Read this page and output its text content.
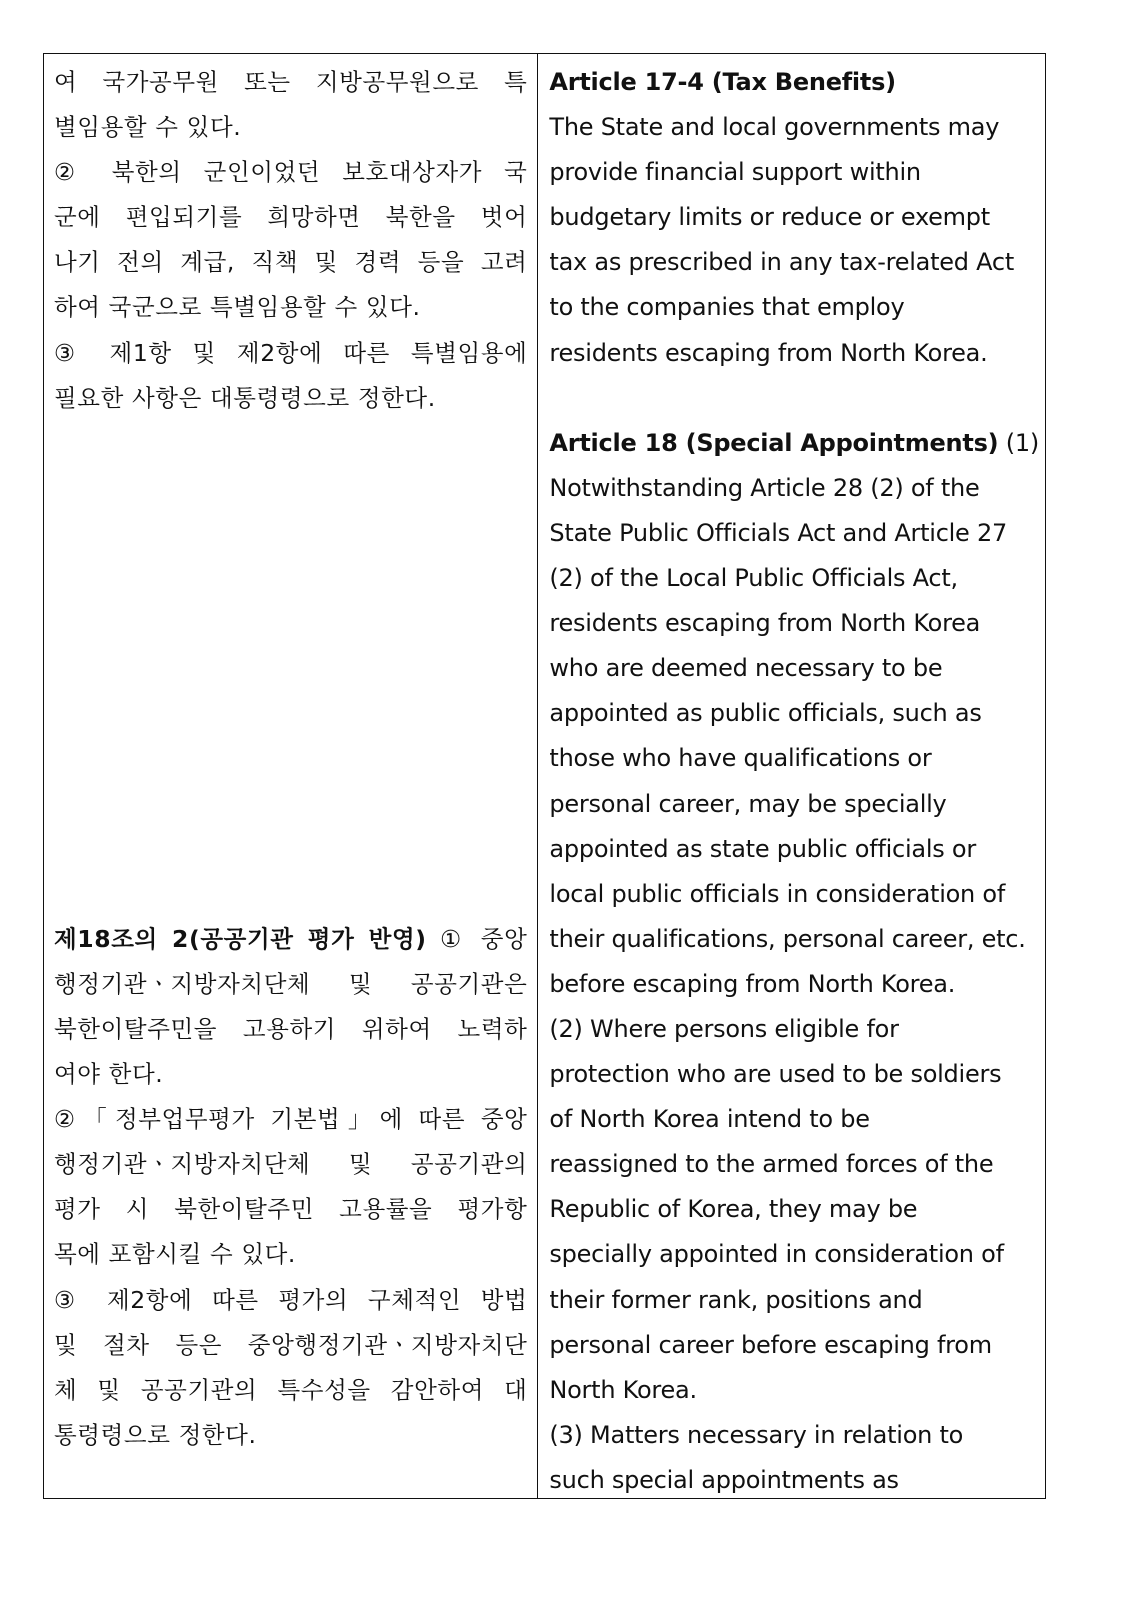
여 국가공무원 또는 지방공무원으로 특
별임용할 수 있다.
② 북한의 군인이었던 보호대상자가 국
군에 편입되기를 희망하면 북한을 벗어
나기 전의 계급, 직책 및 경력 등을 고려
하여 국군으로 특별임용할 수 있다.
③ 제1항 및 제2항에 따른 특별임용에
필요한 사항은 대통령령으로 정한다.
제18조의 2(공공기관 평가 반영) ① 중앙
행정기관ㆍ지방자치단체 및 공공기관은
북한이탈주민을 고용하기 위하여 노력하
여야 한다.
②「정부업무평가 기본법」에 따른 중앙
행정기관ㆍ지방자치단체 및 공공기관의
평가 시 북한이탈주민 고용률을 평가항
목에 포함시킬 수 있다.
③ 제2항에 따른 평가의 구체적인 방법
및 절차 등은 중앙행정기관ㆍ지방자치단
체 및 공공기관의 특수성을 감안하여 대
통령령으로 정한다.
Article 17-4 (Tax Benefits)
The State and local governments may
provide financial support within
budgetary limits or reduce or exempt
tax as prescribed in any tax-related Act
to the companies that employ
residents escaping from North Korea.
Article 18 (Special Appointments) (1)
Notwithstanding Article 28 (2) of the
State Public Officials Act and Article 27
(2) of the Local Public Officials Act,
residents escaping from North Korea
who are deemed necessary to be
appointed as public officials, such as
those who have qualifications or
personal career, may be specially
appointed as state public officials or
local public officials in consideration of
their qualifications, personal career, etc.
before escaping from North Korea.
(2) Where persons eligible for
protection who are used to be soldiers
of North Korea intend to be
reassigned to the armed forces of the
Republic of Korea, they may be
specially appointed in consideration of
their former rank, positions and
personal career before escaping from
North Korea.
(3) Matters necessary in relation to
such special appointments as
